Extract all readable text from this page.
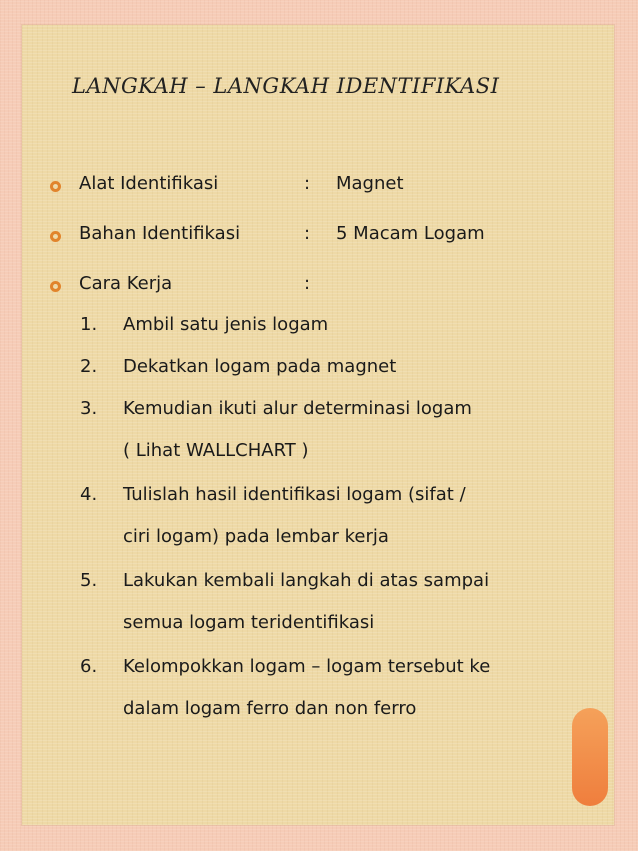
LANGKAH – LANGKAH IDENTIFIKASI
Alat Identifikasi	: Magnet
Bahan Identifikasi	: 5 Macam Logam
Cara Kerja	:
1. Ambil satu jenis logam
2. Dekatkan logam pada magnet
3. Kemudian ikuti alur determinasi logam
( Lihat WALLCHART )
4. Tulislah hasil identifikasi logam (sifat /
ciri logam) pada lembar kerja
5. Lakukan kembali langkah di atas sampai
semua logam teridentifikasi
6. Kelompokkan logam – logam tersebut ke
dalam logam ferro dan non ferro
